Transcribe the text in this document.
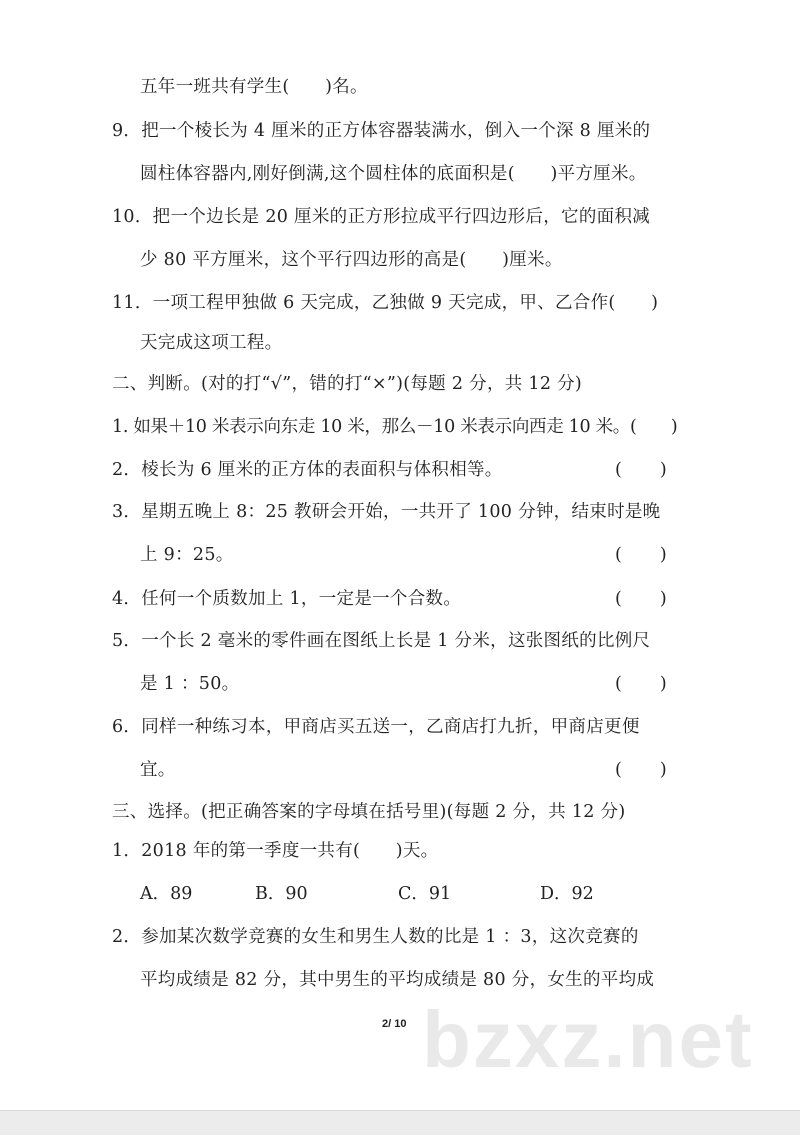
五年一班共有学生(　　)名。
9．把一个棱长为 4 厘米的正方体容器装满水，倒入一个深 8 厘米的
圆柱体容器内,刚好倒满,这个圆柱体的底面积是(　　)平方厘米。
10．把一个边长是 20 厘米的正方形拉成平行四边形后，它的面积减
少 80 平方厘米，这个平行四边形的高是(　　)厘米。
11．一项工程甲独做 6 天完成，乙独做 9 天完成，甲、乙合作(　　)
天完成这项工程。
二、判断。(对的打“√”，错的打“×”)(每题 2 分，共 12 分)
1. 如果＋10 米表示向东走 10 米，那么－10 米表示向西走 10 米。(　　)
2．棱长为 6 厘米的正方体的表面积与体积相等。	( )
3．星期五晚上 8：25 教研会开始，一共开了 100 分钟，结束时是晚
上 9：25。	( )
4．任何一个质数加上 1，一定是一个合数。	( )
5．一个长 2 毫米的零件画在图纸上长是 1 分米，这张图纸的比例尺
是 1 ：50。	( )
6．同样一种练习本，甲商店买五送一，乙商店打九折，甲商店更便
宜。	( )
三、选择。(把正确答案的字母填在括号里)(每题 2 分，共 12 分)
1．2018 年的第一季度一共有(　　)天。
A．89	B．90	C．91	D．92
2．参加某次数学竞赛的女生和男生人数的比是 1 ：3，这次竞赛的
平均成绩是 82 分，其中男生的平均成绩是 80 分，女生的平均成
bzxz.net
2/ 10
